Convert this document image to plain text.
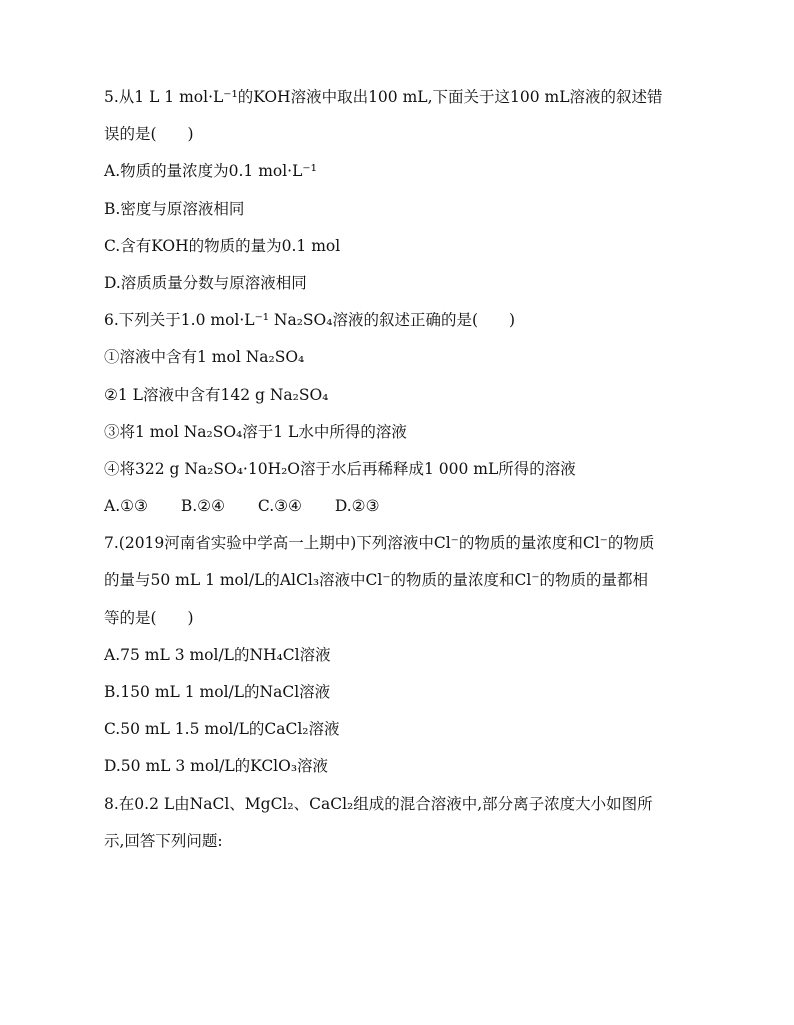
5.从1 L 1 mol·L⁻¹的KOH溶液中取出100 mL,下面关于这100 mL溶液的叙述错
误的是(　　)
A.物质的量浓度为0.1 mol·L⁻¹
B.密度与原溶液相同
C.含有KOH的物质的量为0.1 mol
D.溶质质量分数与原溶液相同
6.下列关于1.0 mol·L⁻¹ Na₂SO₄溶液的叙述正确的是(　　)
①溶液中含有1 mol Na₂SO₄
②1 L溶液中含有142 g Na₂SO₄
③将1 mol Na₂SO₄溶于1 L水中所得的溶液
④将322 g Na₂SO₄·10H₂O溶于水后再稀释成1 000 mL所得的溶液
A.①③ B.②④ C.③④ D.②③
7.(2019河南省实验中学高一上期中)下列溶液中Cl⁻的物质的量浓度和Cl⁻的物质
的量与50 mL 1 mol/L的AlCl₃溶液中Cl⁻的物质的量浓度和Cl⁻的物质的量都相
等的是(　　)
A.75 mL 3 mol/L的NH₄Cl溶液
B.150 mL 1 mol/L的NaCl溶液
C.50 mL 1.5 mol/L的CaCl₂溶液
D.50 mL 3 mol/L的KClO₃溶液
8.在0.2 L由NaCl、MgCl₂、CaCl₂组成的混合溶液中,部分离子浓度大小如图所
示,回答下列问题:
